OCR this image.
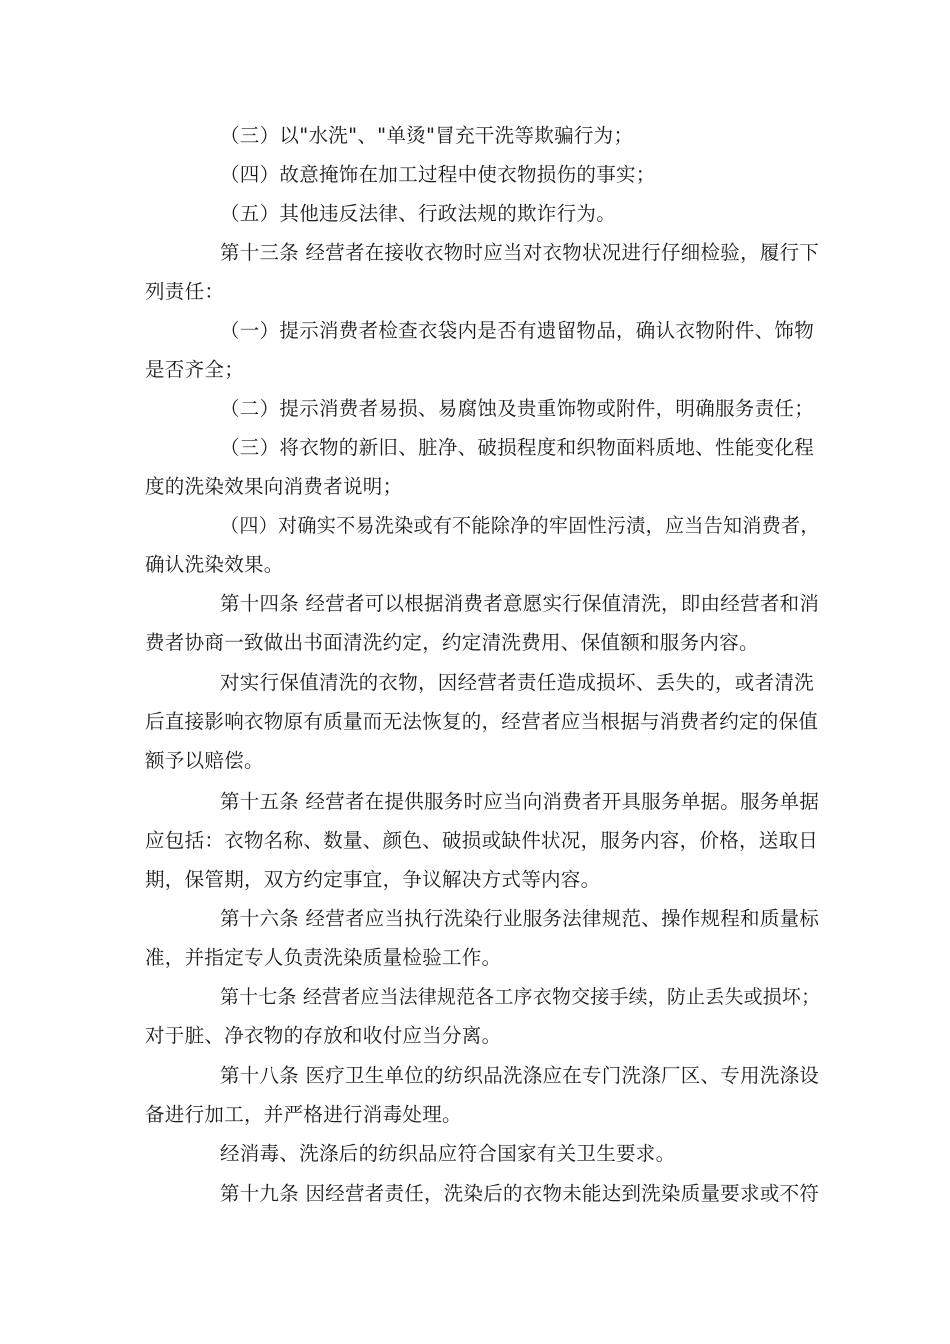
（三）以"水洗"、"单烫"冒充干洗等欺骗行为；
（四）故意掩饰在加工过程中使衣物损伤的事实；
（五）其他违反法律、行政法规的欺诈行为。
第十三条 经营者在接收衣物时应当对衣物状况进行仔细检验，履行下
列责任：
（一）提示消费者检查衣袋内是否有遗留物品，确认衣物附件、饰物
是否齐全；
（二）提示消费者易损、易腐蚀及贵重饰物或附件，明确服务责任；
（三）将衣物的新旧、脏净、破损程度和织物面料质地、性能变化程
度的洗染效果向消费者说明；
（四）对确实不易洗染或有不能除净的牢固性污渍，应当告知消费者，
确认洗染效果。
第十四条 经营者可以根据消费者意愿实行保值清洗，即由经营者和消
费者协商一致做出书面清洗约定，约定清洗费用、保值额和服务内容。
对实行保值清洗的衣物，因经营者责任造成损坏、丢失的，或者清洗
后直接影响衣物原有质量而无法恢复的，经营者应当根据与消费者约定的保值
额予以赔偿。
第十五条 经营者在提供服务时应当向消费者开具服务单据。服务单据
应包括：衣物名称、数量、颜色、破损或缺件状况，服务内容，价格，送取日
期，保管期，双方约定事宜，争议解决方式等内容。
第十六条 经营者应当执行洗染行业服务法律规范、操作规程和质量标
准，并指定专人负责洗染质量检验工作。
第十七条 经营者应当法律规范各工序衣物交接手续，防止丢失或损坏；
对于脏、净衣物的存放和收付应当分离。
第十八条 医疗卫生单位的纺织品洗涤应在专门洗涤厂区、专用洗涤设
备进行加工，并严格进行消毒处理。
经消毒、洗涤后的纺织品应符合国家有关卫生要求。
第十九条 因经营者责任，洗染后的衣物未能达到洗染质量要求或不符
